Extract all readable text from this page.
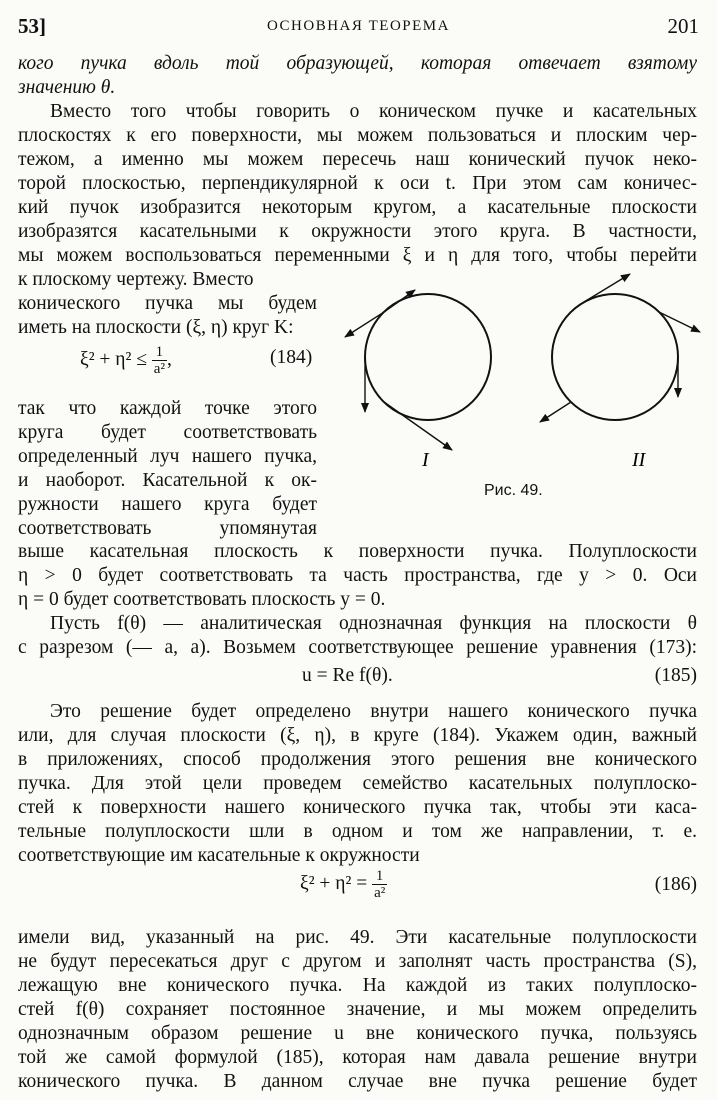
53]	ОСНОВНАЯ ТЕОРЕМА	201
кого пучка вдоль той образующей, которая отвечает взятому
значению θ.
Вместо того чтобы говорить о коническом пучке и касательных
плоскостях к его поверхности, мы можем пользоваться и плоским чер-
тежом, а именно мы можем пересечь наш конический пучок неко-
торой плоскостью, перпендикулярной к оси t. При этом сам коничес-
кий пучок изобразится некоторым кругом, а касательные плоскости
изобразятся касательными к окружности этого круга. В частности,
мы можем воспользоваться переменными ξ и η для того, чтобы перейти
к плоскому чертежу. Вместо
конического пучка мы будем
иметь на плоскости (ξ, η) круг K:
$\xi^2 + \eta^2 \le \frac{1}{\text{a²}}$ ,	(184)
так что каждой точке этого
круга будет соответствовать
определенный луч нашего пучка,
и наоборот. Касательной к ок-
ружности нашего круга будет
соответствовать упомянутая
выше касательная плоскость к поверхности пучка. Полуплоскости
η > 0 будет соответствовать та часть пространства, где y > 0. Оси
η = 0 будет соответствовать плоскость y = 0.
Пусть f(θ) — аналитическая однозначная функция на плоскости θ
с разрезом (— a, a). Возьмем соответствующее решение уравнения (173):
u = Re f(θ).	(185)
Это решение будет определено внутри нашего конического пучка
или, для случая плоскости (ξ, η), в круге (184). Укажем один, важный
в приложениях, способ продолжения этого решения вне конического
пучка. Для этой цели проведем семейство касательных полуплоско-
стей к поверхности нашего конического пучка так, чтобы эти каса-
тельные полуплоскости шли в одном и том же направлении, т. е.
соответствующие им касательные к окружности
$\xi^2 + \eta^2 = \frac{1}{\text{a²}}$	(186)
имели вид, указанный на рис. 49. Эти касательные полуплоскости
не будут пересекаться друг с другом и заполнят часть пространства (S),
лежащую вне конического пучка. На каждой из таких полуплоско-
стей f(θ) сохраняет постоянное значение, и мы можем определить
однозначным образом решение u вне конического пучка, пользуясь
той же самой формулой (185), которая нам давала решение внутри
конического пучка. В данном случае вне пучка решение будет
I	II
Рис. 49.
